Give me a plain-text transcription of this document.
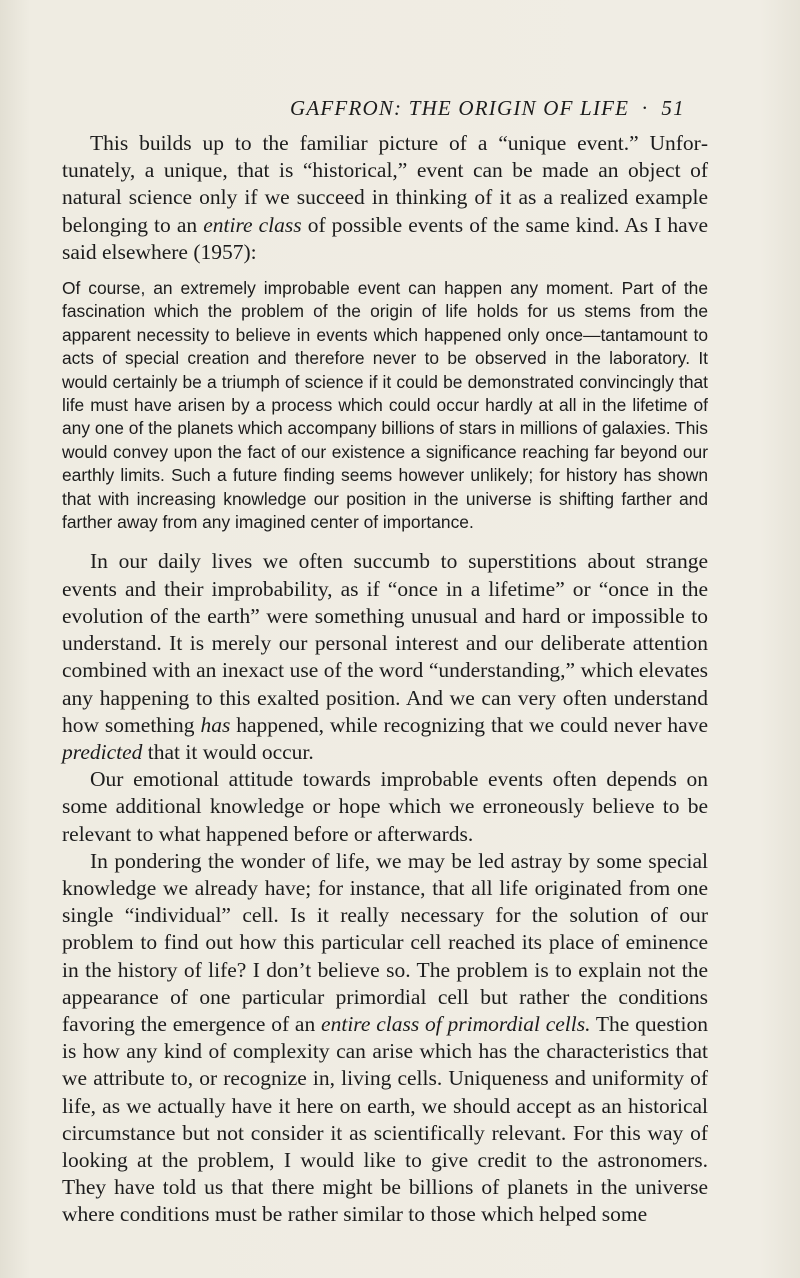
GAFFRON: THE ORIGIN OF LIFE · 51

This builds up to the familiar picture of a “unique event.” Unfortunately, a unique, that is “historical,” event can be made an object of natural science only if we succeed in thinking of it as a realized example belonging to an entire class of possible events of the same kind. As I have said elsewhere (1957):

Of course, an extremely improbable event can happen any moment. Part of the fascination which the problem of the origin of life holds for us stems from the apparent necessity to believe in events which happened only once—tantamount to acts of special creation and therefore never to be observed in the laboratory. It would certainly be a triumph of science if it could be demonstrated convincingly that life must have arisen by a process which could occur hardly at all in the lifetime of any one of the planets which accompany billions of stars in millions of galaxies. This would convey upon the fact of our existence a significance reaching far beyond our earthly limits. Such a future finding seems however unlikely; for history has shown that with increasing knowledge our position in the universe is shifting farther and farther away from any imagined center of importance.

In our daily lives we often succumb to superstitions about strange events and their improbability, as if “once in a lifetime” or “once in the evolution of the earth” were something unusual and hard or impossible to understand. It is merely our personal interest and our deliberate attention combined with an inexact use of the word “understanding,” which elevates any happening to this exalted position. And we can very often understand how something has happened, while recognizing that we could never have predicted that it would occur.

Our emotional attitude towards improbable events often depends on some additional knowledge or hope which we erroneously believe to be relevant to what happened before or afterwards.

In pondering the wonder of life, we may be led astray by some special knowledge we already have; for instance, that all life originated from one single “individual” cell. Is it really necessary for the solution of our problem to find out how this particular cell reached its place of eminence in the history of life? I don’t believe so. The problem is to explain not the appearance of one particular primordial cell but rather the conditions favoring the emergence of an entire class of primordial cells. The question is how any kind of complexity can arise which has the characteristics that we attribute to, or recognize in, living cells. Uniqueness and uniformity of life, as we actually have it here on earth, we should accept as an historical circumstance but not consider it as scientifically relevant. For this way of looking at the problem, I would like to give credit to the astronomers. They have told us that there might be billions of planets in the universe where conditions must be rather similar to those which helped some
